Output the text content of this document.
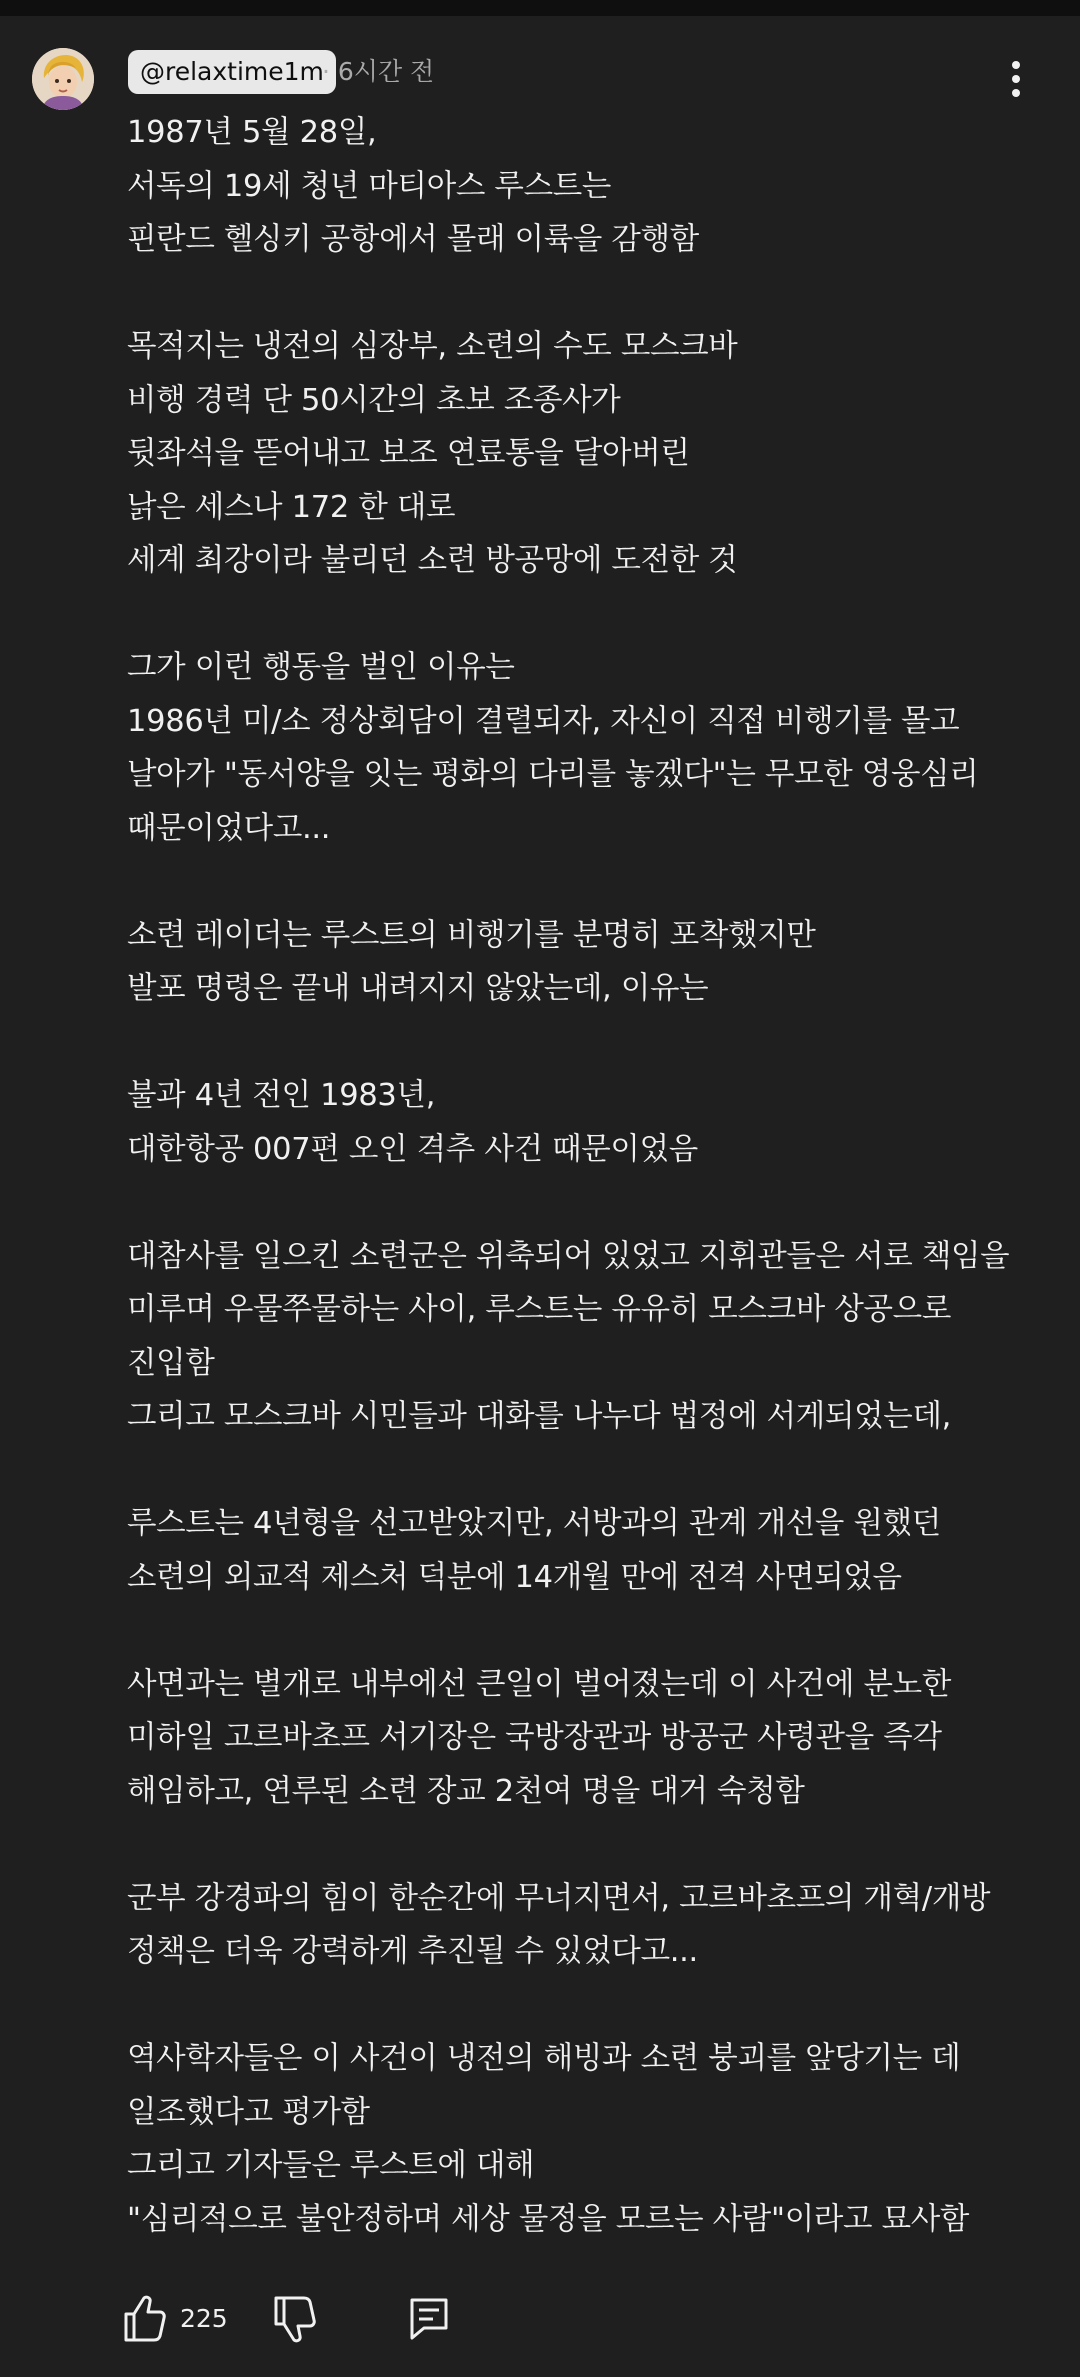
@relaxtime1m
· 6시간 전
1987년 5월 28일,
서독의 19세 청년 마티아스 루스트는
핀란드 헬싱키 공항에서 몰래 이륙을 감행함

목적지는 냉전의 심장부, 소련의 수도 모스크바
비행 경력 단 50시간의 초보 조종사가
뒷좌석을 뜯어내고 보조 연료통을 달아버린
낡은 세스나 172 한 대로
세계 최강이라 불리던 소련 방공망에 도전한 것

그가 이런 행동을 벌인 이유는
1986년 미/소 정상회담이 결렬되자, 자신이 직접 비행기를 몰고
날아가 "동서양을 잇는 평화의 다리를 놓겠다"는 무모한 영웅심리
때문이었다고...

소련 레이더는 루스트의 비행기를 분명히 포착했지만
발포 명령은 끝내 내려지지 않았는데, 이유는

불과 4년 전인 1983년,
대한항공 007편 오인 격추 사건 때문이었음

대참사를 일으킨 소련군은 위축되어 있었고 지휘관들은 서로 책임을
미루며 우물쭈물하는 사이, 루스트는 유유히 모스크바 상공으로
진입함
그리고 모스크바 시민들과 대화를 나누다 법정에 서게되었는데,

루스트는 4년형을 선고받았지만, 서방과의 관계 개선을 원했던
소련의 외교적 제스처 덕분에 14개월 만에 전격 사면되었음

사면과는 별개로 내부에선 큰일이 벌어졌는데 이 사건에 분노한
미하일 고르바초프 서기장은 국방장관과 방공군 사령관을 즉각
해임하고, 연루된 소련 장교 2천여 명을 대거 숙청함

군부 강경파의 힘이 한순간에 무너지면서, 고르바초프의 개혁/개방
정책은 더욱 강력하게 추진될 수 있었다고...

역사학자들은 이 사건이 냉전의 해빙과 소련 붕괴를 앞당기는 데
일조했다고 평가함
그리고 기자들은 루스트에 대해
"심리적으로 불안정하며 세상 물정을 모르는 사람"이라고 묘사함
225
